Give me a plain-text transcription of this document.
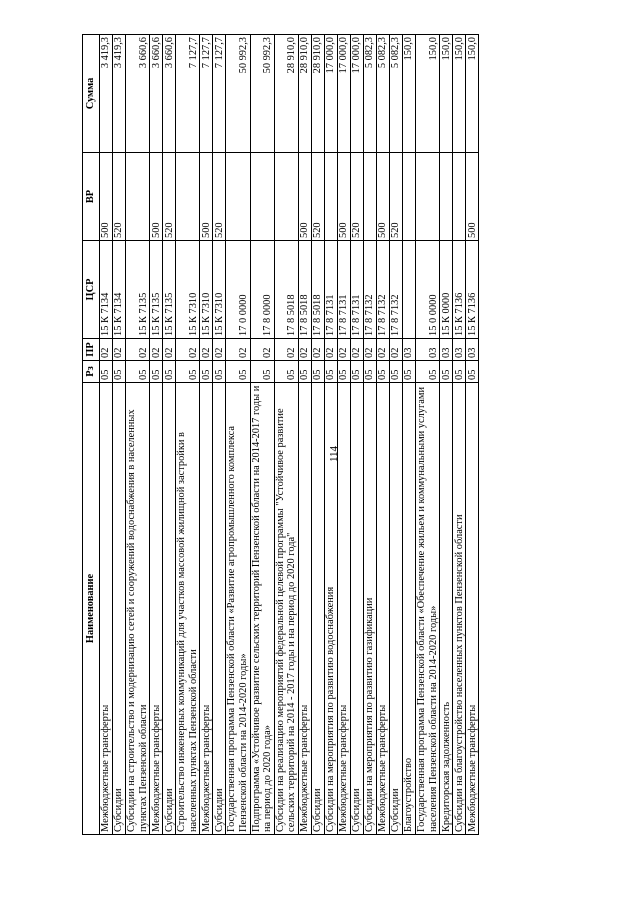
114
Наименование	Рз	ПР	ЦСР	ВР	Сумма
Межбюджетные трансферты	05	02	15 К 7134	500	3 419,3
Субсидии	05	02	15 К 7134	520	3 419,3
Субсидии на строительство и модернизацию сетей и сооружений водоснабжения в населенных пунктах Пензенской области	05	02	15 К 7135		3 660,6
Межбюджетные трансферты	05	02	15 К 7135	500	3 660,6
Субсидии	05	02	15 К 7135	520	3 660,6
Строительство инженерных коммуникаций для участков массовой жилищной застройки в населенных пунктах Пензенской области	05	02	15 К 7310		7 127,7
Межбюджетные трансферты	05	02	15 К 7310	500	7 127,7
Субсидии	05	02	15 К 7310	520	7 127,7
Государственная программа Пензенской области «Развитие агропромышленного комплекса Пензенской области на 2014-2020 годы»	05	02	17 0 0000		50 992,3
Подпрограмма «Устойчивое развитие сельских территорий Пензенской области на 2014-2017 годы и на период до 2020 года»	05	02	17 8 0000		50 992,3
Субсидии на реализацию мероприятий федеральной целевой программы "Устойчивое развитие сельских территорий на 2014 - 2017 годы и на период до 2020 года"	05	02	17 8 5018		28 910,0
Межбюджетные трансферты	05	02	17 8 5018	500	28 910,0
Субсидии	05	02	17 8 5018	520	28 910,0
Субсидии на мероприятия по развитию водоснабжения	05	02	17 8 7131		17 000,0
Межбюджетные трансферты	05	02	17 8 7131	500	17 000,0
Субсидии	05	02	17 8 7131	520	17 000,0
Субсидии на мероприятия по развитию газификации	05	02	17 8 7132		5 082,3
Межбюджетные трансферты	05	02	17 8 7132	500	5 082,3
Субсидии	05	02	17 8 7132	520	5 082,3
Благоустройство	05	03			150,0
Государственная программа Пензенской области «Обеспечение жильем и коммунальными услугами населения Пензенской области на 2014-2020 годы»	05	03	15 0 0000		150,0
Кредиторская задолженность	05	03	15 К 0000		150,0
Субсидии на благоустройство населенных пунктов Пензенской области	05	03	15 К 7136		150,0
Межбюджетные трансферты	05	03	15 К 7136	500	150,0
